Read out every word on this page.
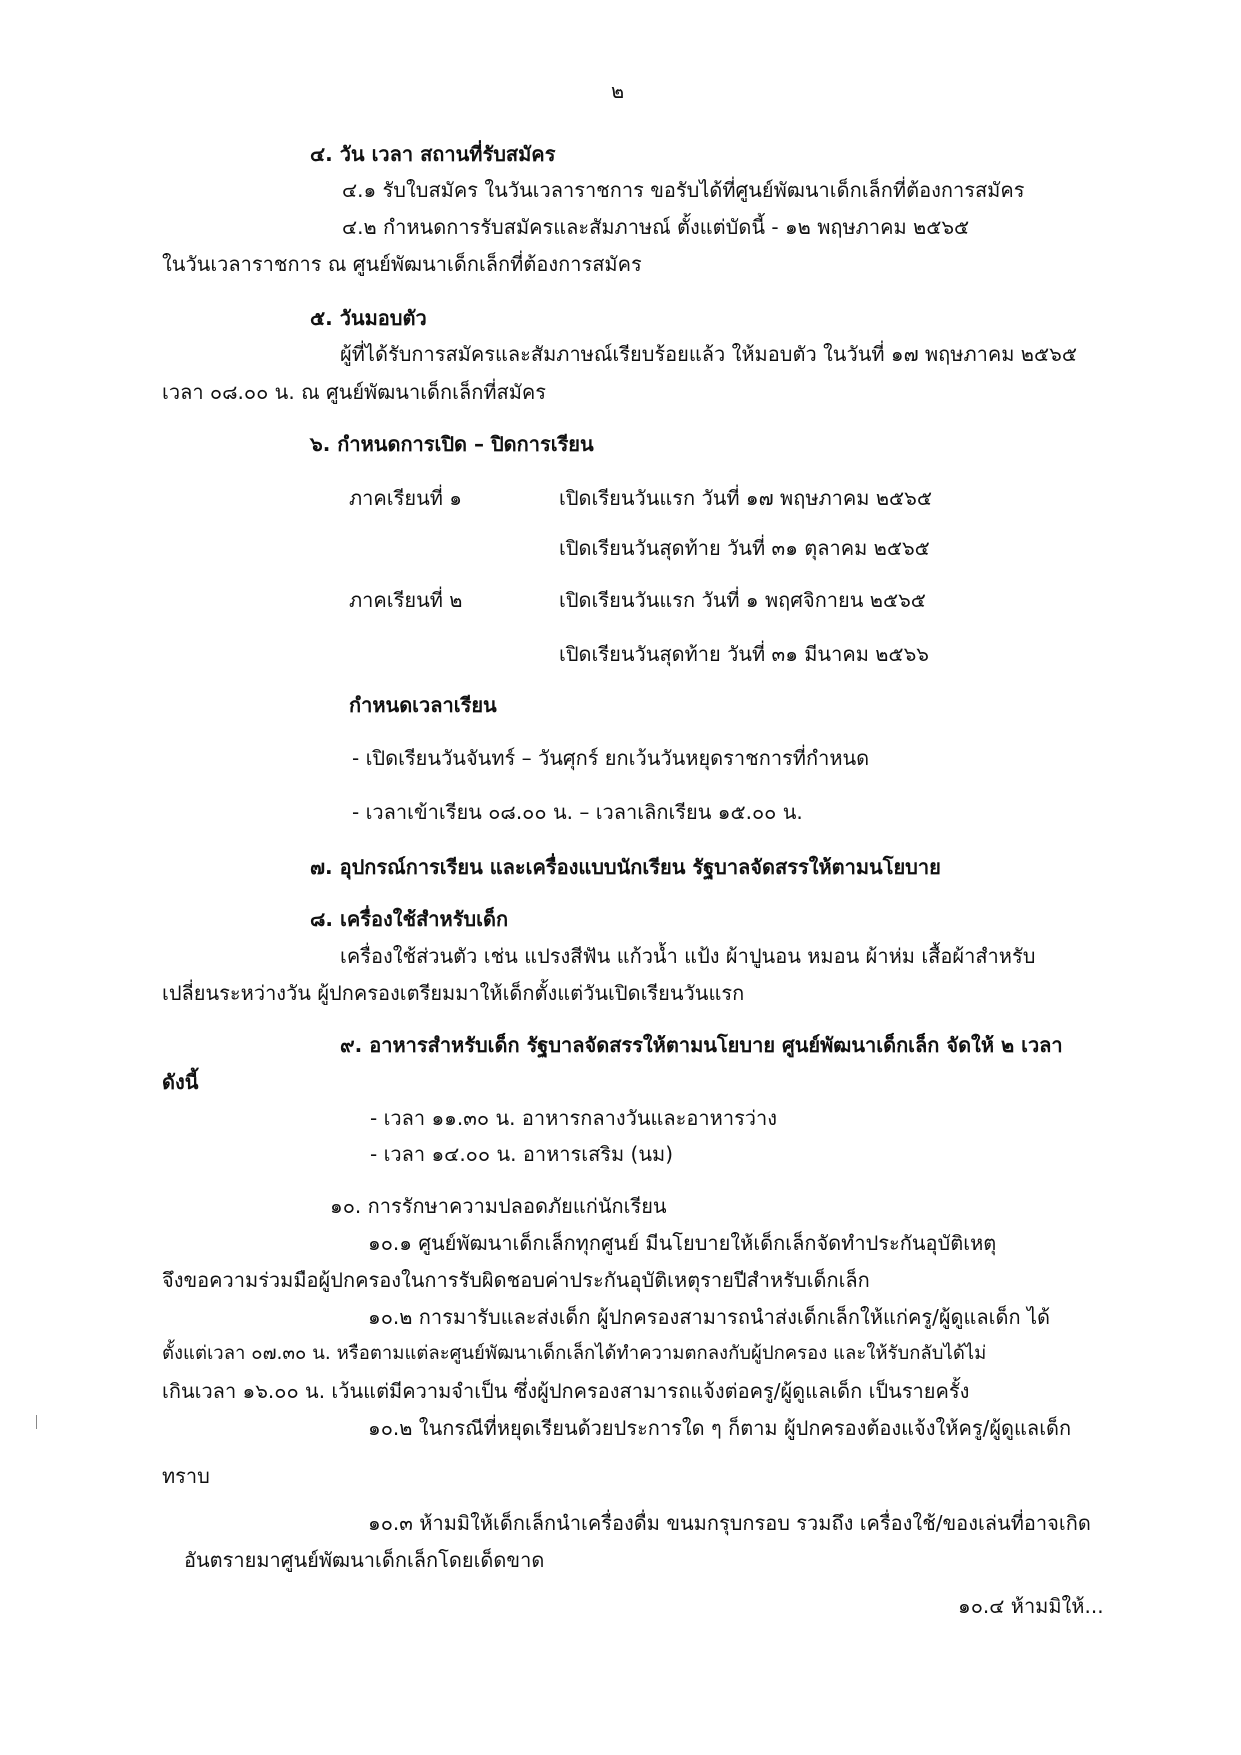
๒
๔. วัน เวลา สถานที่รับสมัคร
๔.๑ รับใบสมัคร ในวันเวลาราชการ ขอรับได้ที่ศูนย์พัฒนาเด็กเล็กที่ต้องการสมัคร
๔.๒ กำหนดการรับสมัครและสัมภาษณ์ ตั้งแต่บัดนี้ - ๑๒ พฤษภาคม ๒๕๖๕
ในวันเวลาราชการ ณ ศูนย์พัฒนาเด็กเล็กที่ต้องการสมัคร
๕. วันมอบตัว
ผู้ที่ได้รับการสมัครและสัมภาษณ์เรียบร้อยแล้ว ให้มอบตัว ในวันที่ ๑๗ พฤษภาคม ๒๕๖๕
เวลา ๐๘.๐๐ น. ณ ศูนย์พัฒนาเด็กเล็กที่สมัคร
๖. กำหนดการเปิด – ปิดการเรียน
ภาคเรียนที่ ๑	เปิดเรียนวันแรก วันที่ ๑๗ พฤษภาคม ๒๕๖๕
เปิดเรียนวันสุดท้าย วันที่ ๓๑ ตุลาคม ๒๕๖๕
ภาคเรียนที่ ๒	เปิดเรียนวันแรก วันที่ ๑ พฤศจิกายน ๒๕๖๕
เปิดเรียนวันสุดท้าย วันที่ ๓๑ มีนาคม ๒๕๖๖
กำหนดเวลาเรียน
- เปิดเรียนวันจันทร์ – วันศุกร์ ยกเว้นวันหยุดราชการที่กำหนด
- เวลาเข้าเรียน ๐๘.๐๐ น. – เวลาเลิกเรียน ๑๕.๐๐ น.
๗. อุปกรณ์การเรียน และเครื่องแบบนักเรียน รัฐบาลจัดสรรให้ตามนโยบาย
๘. เครื่องใช้สำหรับเด็ก
เครื่องใช้ส่วนตัว เช่น แปรงสีฟัน แก้วน้ำ แป้ง ผ้าปูนอน หมอน ผ้าห่ม เสื้อผ้าสำหรับ
เปลี่ยนระหว่างวัน ผู้ปกครองเตรียมมาให้เด็กตั้งแต่วันเปิดเรียนวันแรก
๙. อาหารสำหรับเด็ก รัฐบาลจัดสรรให้ตามนโยบาย ศูนย์พัฒนาเด็กเล็ก จัดให้ ๒ เวลา
ดังนี้
- เวลา ๑๑.๓๐ น. อาหารกลางวันและอาหารว่าง
- เวลา ๑๔.๐๐ น. อาหารเสริม (นม)
๑๐. การรักษาความปลอดภัยแก่นักเรียน
๑๐.๑ ศูนย์พัฒนาเด็กเล็กทุกศูนย์ มีนโยบายให้เด็กเล็กจัดทำประกันอุบัติเหตุ
จึงขอความร่วมมือผู้ปกครองในการรับผิดชอบค่าประกันอุบัติเหตุรายปีสำหรับเด็กเล็ก
๑๐.๒ การมารับและส่งเด็ก ผู้ปกครองสามารถนำส่งเด็กเล็กให้แก่ครู/ผู้ดูแลเด็ก ได้
ตั้งแต่เวลา ๐๗.๓๐ น. หรือตามแต่ละศูนย์พัฒนาเด็กเล็กได้ทำความตกลงกับผู้ปกครอง และให้รับกลับได้ไม่
เกินเวลา ๑๖.๐๐ น. เว้นแต่มีความจำเป็น ซึ่งผู้ปกครองสามารถแจ้งต่อครู/ผู้ดูแลเด็ก เป็นรายครั้ง
๑๐.๒ ในกรณีที่หยุดเรียนด้วยประการใด ๆ ก็ตาม ผู้ปกครองต้องแจ้งให้ครู/ผู้ดูแลเด็ก
ทราบ
๑๐.๓ ห้ามมิให้เด็กเล็กนำเครื่องดื่ม ขนมกรุบกรอบ รวมถึง เครื่องใช้/ของเล่นที่อาจเกิด
อันตรายมาศูนย์พัฒนาเด็กเล็กโดยเด็ดขาด
๑๐.๔ ห้ามมิให้...
